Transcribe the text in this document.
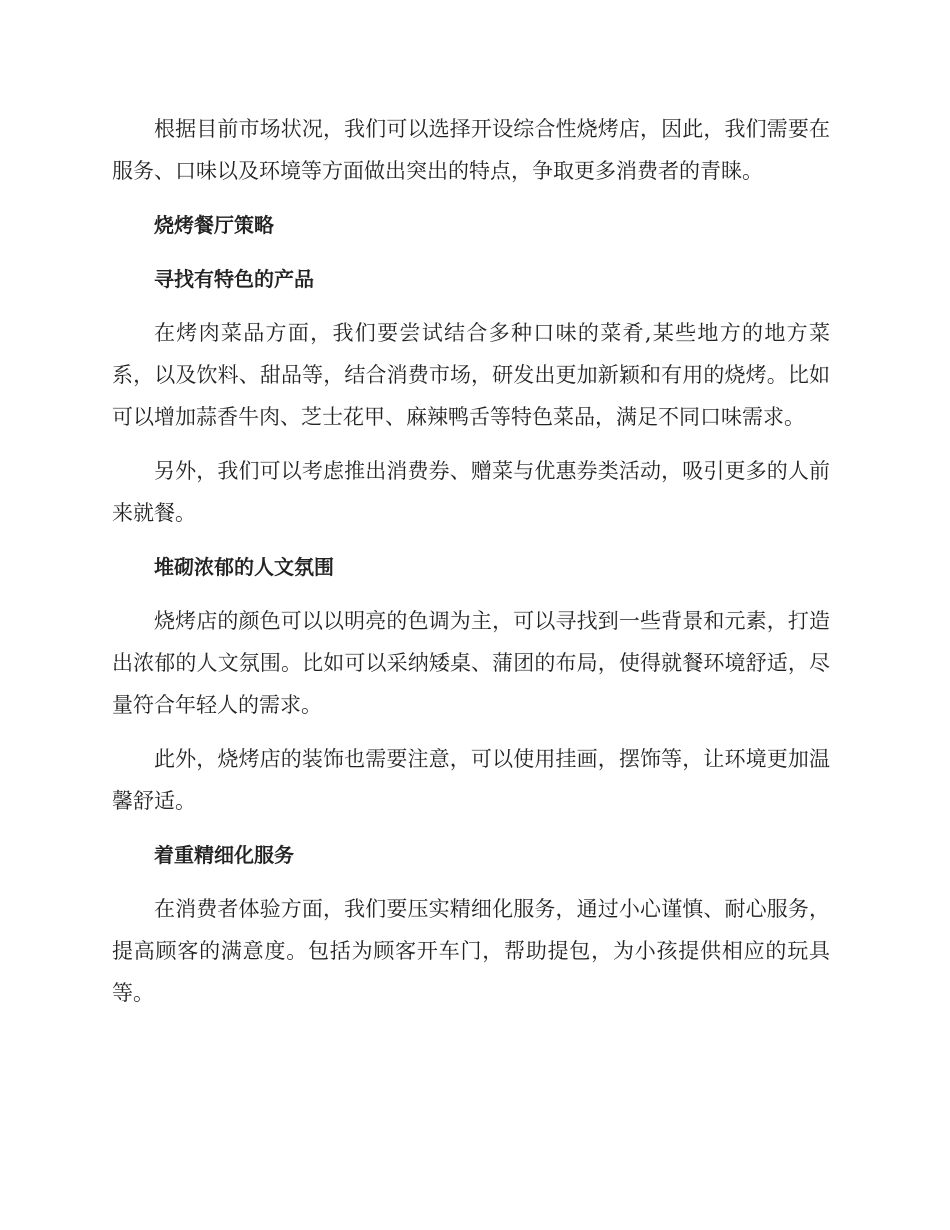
根据目前市场状况，我们可以选择开设综合性烧烤店，因此，我们需要在服务、口味以及环境等方面做出突出的特点，争取更多消费者的青睐。

烧烤餐厅策略
寻找有特色的产品

在烤肉菜品方面，我们要尝试结合多种口味的菜肴,某些地方的地方菜系，以及饮料、甜品等，结合消费市场，研发出更加新颖和有用的烧烤。比如可以增加蒜香牛肉、芝士花甲、麻辣鸭舌等特色菜品，满足不同口味需求。

另外，我们可以考虑推出消费券、赠菜与优惠券类活动，吸引更多的人前来就餐。

堆砌浓郁的人文氛围

烧烤店的颜色可以以明亮的色调为主，可以寻找到一些背景和元素，打造出浓郁的人文氛围。比如可以采纳矮桌、蒲团的布局，使得就餐环境舒适，尽量符合年轻人的需求。

此外，烧烤店的装饰也需要注意，可以使用挂画，摆饰等，让环境更加温馨舒适。

着重精细化服务

在消费者体验方面，我们要压实精细化服务，通过小心谨慎、耐心服务，提高顾客的满意度。包括为顾客开车门，帮助提包，为小孩提供相应的玩具等。
